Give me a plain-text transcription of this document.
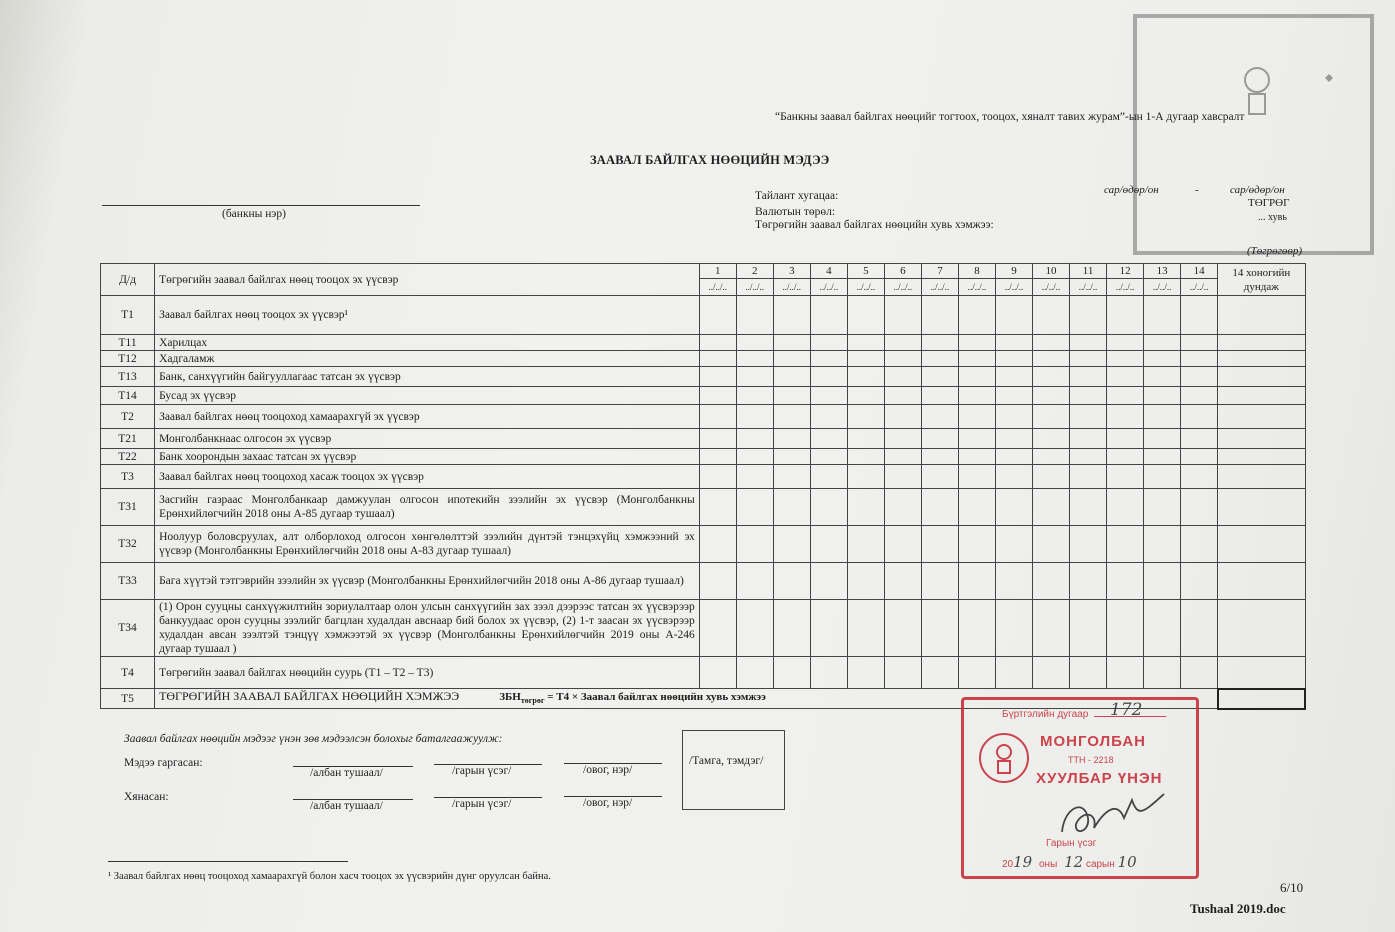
“Банкны заавал байлгах нөөцийг тогтоох, тооцох, хяналт тавих журам”-ын 1-А дугаар хавсралт
ЗААВАЛ БАЙЛГАХ НӨӨЦИЙН МЭДЭЭ
(банкны нэр)
Тайлант хугацаа:
Валютын төрөл:
Төгрөгийн заавал байлгах нөөцийн хувь хэмжээ:
сар/өдөр/он	-	сар/өдөр/он
ТӨГРӨГ
... хувь
(Төгрөгөөр)
Д/д	Төгрөгийн заавал байлгах нөөц тооцох эх үүсвэр	1	2	3	4	5	6	7	8	9	10	11	12	13	14	14 хоногийн дундаж
		../../..	../../..	../../..	../../..	../../..	../../..	../../..	../../..	../../..	../../..	../../..	../../..	../../..	../../..	
T1	Заавал байлгах нөөц тооцох эх үүсвэр¹															
T11	Харилцах															
T12	Хадгаламж															
T13	Банк, санхүүгийн байгууллагаас татсан эх үүсвэр															
T14	Бусад эх үүсвэр															
T2	Заавал байлгах нөөц тооцоход хамаарахгүй эх үүсвэр															
T21	Монголбанкнаас олгосон эх үүсвэр															
T22	Банк хоорондын захаас татсан эх үүсвэр															
T3	Заавал байлгах нөөц тооцоход хасаж тооцох эх үүсвэр															
T31	Засгийн газраас Монголбанкаар дамжуулан олгосон ипотекийн зээлийн эх үүсвэр (Монголбанкны Ерөнхийлөгчийн 2018 оны А-85 дугаар тушаал)															
T32	Ноолуур боловсруулах, алт олборлоход олгосон хөнгөлөлттэй зээлийн дүнтэй тэнцэхүйц хэмжээний эх үүсвэр (Монголбанкны Ерөнхийлөгчийн 2018 оны А-83 дугаар тушаал)															
T33	Бага хүүтэй тэтгэврийн зээлийн эх үүсвэр (Монголбанкны Ерөнхийлөгчийн 2018 оны А-86 дугаар тушаал)															
T34	(1) Орон сууцны санхүүжилтийн зориулалтаар олон улсын санхүүгийн зах зээл дээрээс татсан эх үүсвэрээр банкуудаас орон сууцны зээлийг багцлан худалдан авснаар бий болох эх үүсвэр, (2) 1-т заасан эх үүсвэрээр худалдан авсан зээлтэй тэнцүү хэмжээтэй эх үүсвэр (Монголбанкны Ерөнхийлөгчийн 2019 оны А-246 дугаар тушаал )															
T4	Төгрөгийн заавал байлгах нөөцийн суурь (T1 – T2 – T3)															
T5	ТӨГРӨГИЙН ЗААВАЛ БАЙЛГАХ НӨӨЦИЙН ХЭМЖЭЭ $ЗБН_{төгрөг} = T4$ × Заавал байлгах нөөцийн хувь хэмжээ															
Заавал байлгах нөөцийн мэдээг үнэн зөв мэдээлсэн болохыг баталгаажуулж:
Мэдээ гаргасан:
Хянасан:
/албан тушаал/	/гарын үсэг/	/овог, нэр/
/албан тушаал/	/гарын үсэг/	/овог, нэр/
/Тамга, тэмдэг/
¹ Заавал байлгах нөөц тооцоход хамаарахгүй болон хасч тооцох эх үүсвэрийн дүнг оруулсан байна.
6/10
Tushaal 2019.doc
Бүртгэлийн дугаар 172
МОНГОЛБАН
ТТН - 2218
ХУУЛБАР ҮНЭН
Гарын үсэг
2019 оны 12 сарын 10
